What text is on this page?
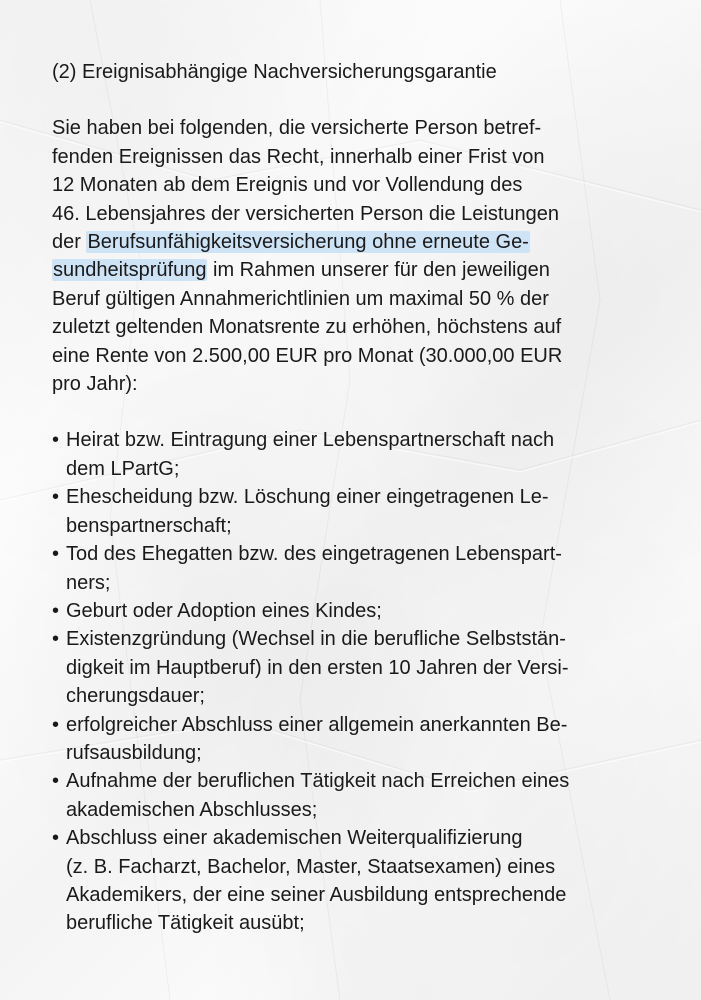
(2) Ereignisabhängige Nachversicherungsgarantie
Sie haben bei folgenden, die versicherte Person betref-
fenden Ereignissen das Recht, innerhalb einer Frist von
12 Monaten ab dem Ereignis und vor Vollendung des
46. Lebensjahres der versicherten Person die Leistungen
der Berufsunfähigkeitsversicherung ohne erneute Ge-
sundheitsprüfung im Rahmen unserer für den jeweiligen
Beruf gültigen Annahmerichtlinien um maximal 50 % der
zuletzt geltenden Monatsrente zu erhöhen, höchstens auf
eine Rente von 2.500,00 EUR pro Monat (30.000,00 EUR
pro Jahr):
• Heirat bzw. Eintragung einer Lebenspartnerschaft nach
dem LPartG;
• Ehescheidung bzw. Löschung einer eingetragenen Le-
benspartnerschaft;
• Tod des Ehegatten bzw. des eingetragenen Lebenspart-
ners;
• Geburt oder Adoption eines Kindes;
• Existenzgründung (Wechsel in die berufliche Selbststän-
digkeit im Hauptberuf) in den ersten 10 Jahren der Versi-
cherungsdauer;
• erfolgreicher Abschluss einer allgemein anerkannten Be-
rufsausbildung;
• Aufnahme der beruflichen Tätigkeit nach Erreichen eines
akademischen Abschlusses;
• Abschluss einer akademischen Weiterqualifizierung
(z. B. Facharzt, Bachelor, Master, Staatsexamen) eines
Akademikers, der eine seiner Ausbildung entsprechende
berufliche Tätigkeit ausübt;
